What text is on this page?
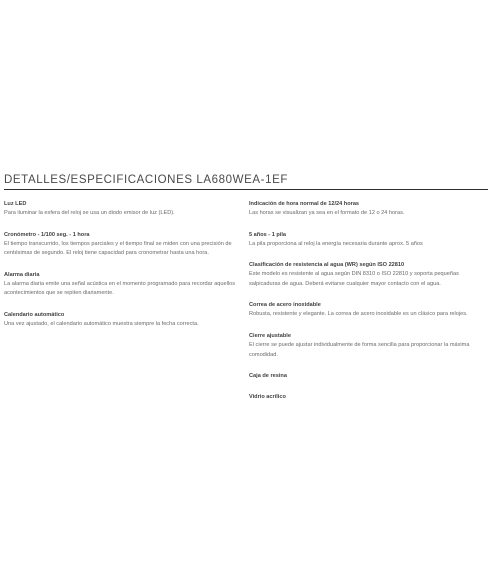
DETALLES/ESPECIFICACIONES LA680WEA-1EF
Luz LED
Para iluminar la esfera del reloj se usa un diodo emisor de luz (LED).
Cronómetro - 1/100 seg. - 1 hora
El tiempo transcurrido, los tiempos parciales y el tiempo final se miden con una precisión de centésimas de segundo. El reloj tiene capacidad para cronometrar hasta una hora.
Alarma diaria
La alarma diaria emite una señal acústica en el momento programado para recordar aquellos acontecimientos que se repiten diariamente.
Calendario automático
Una vez ajustado, el calendario automático muestra siempre la fecha correcta.
Indicación de hora normal de 12/24 horas
Las horas se visualizan ya sea en el formato de 12 o 24 horas.
5 años - 1 pila
La pila proporciona al reloj la energía necesaria durante aprox. 5 años
Clasificación de resistencia al agua (WR) según ISO 22810
Este modelo es resistente al agua según DIN 8310 o ISO 22810 y soporta pequeñas salpicaduras de agua. Deberá evitarse cualquier mayor contacto con el agua.
Correa de acero inoxidable
Robusta, resistente y elegante. La correa de acero inoxidable es un clásico para relojes.
Cierre ajustable
El cierre se puede ajustar individualmente de forma sencilla para proporcionar la máxima comodidad.
Caja de resina
Vidrio acrílico
